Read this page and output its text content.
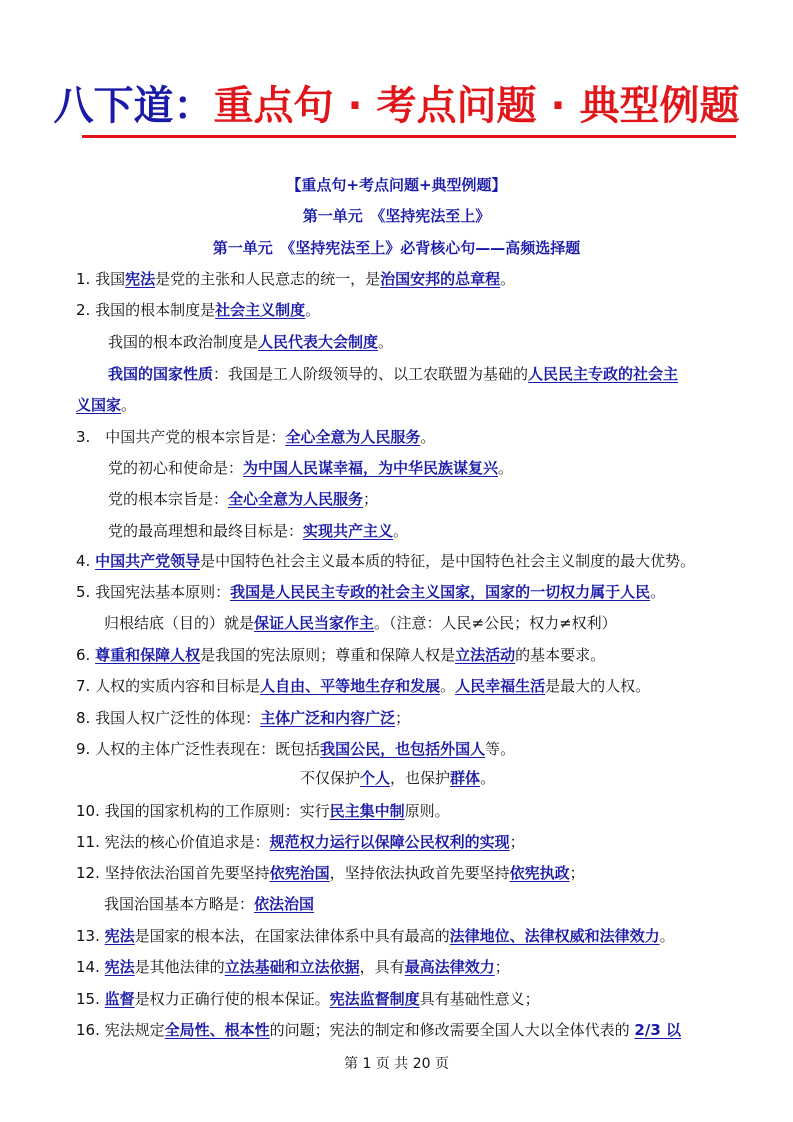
八下道：重点句 · 考点问题 · 典型例题
【重点句+考点问题+典型例题】
第一单元　《坚持宪法至上》
第一单元　《坚持宪法至上》必背核心句——高频选择题
1. 我国宪法是党的主张和人民意志的统一，是治国安邦的总章程。
2. 我国的根本制度是社会主义制度。
我国的根本政治制度是人民代表大会制度。
我国的国家性质：我国是工人阶级领导的、以工农联盟为基础的人民民主专政的社会主
义国家。
3.　中国共产党的根本宗旨是：全心全意为人民服务。
党的初心和使命是：为中国人民谋幸福，为中华民族谋复兴。
党的根本宗旨是：全心全意为人民服务；
党的最高理想和最终目标是：实现共产主义。
4. 中国共产党领导是中国特色社会主义最本质的特征，是中国特色社会主义制度的最大优势。
5. 我国宪法基本原则：我国是人民民主专政的社会主义国家，国家的一切权力属于人民。
归根结底（目的）就是保证人民当家作主。（注意：人民≠公民；权力≠权利）
6. 尊重和保障人权是我国的宪法原则；尊重和保障人权是立法活动的基本要求。
7. 人权的实质内容和目标是人自由、平等地生存和发展。人民幸福生活是最大的人权。
8. 我国人权广泛性的体现：主体广泛和内容广泛；
9. 人权的主体广泛性表现在：既包括我国公民，也包括外国人等。
不仅保护个人，也保护群体。
10. 我国的国家机构的工作原则：实行民主集中制原则。
11. 宪法的核心价值追求是：规范权力运行以保障公民权利的实现；
12. 坚持依法治国首先要坚持依宪治国，坚持依法执政首先要坚持依宪执政；
我国治国基本方略是：依法治国
13. 宪法是国家的根本法，在国家法律体系中具有最高的法律地位、法律权威和法律效力。
14. 宪法是其他法律的立法基础和立法依据，具有最高法律效力；
15. 监督是权力正确行使的根本保证。宪法监督制度具有基础性意义；
16. 宪法规定全局性、根本性的问题；宪法的制定和修改需要全国人大以全体代表的 2/3 以
第 1 页 共 20 页
